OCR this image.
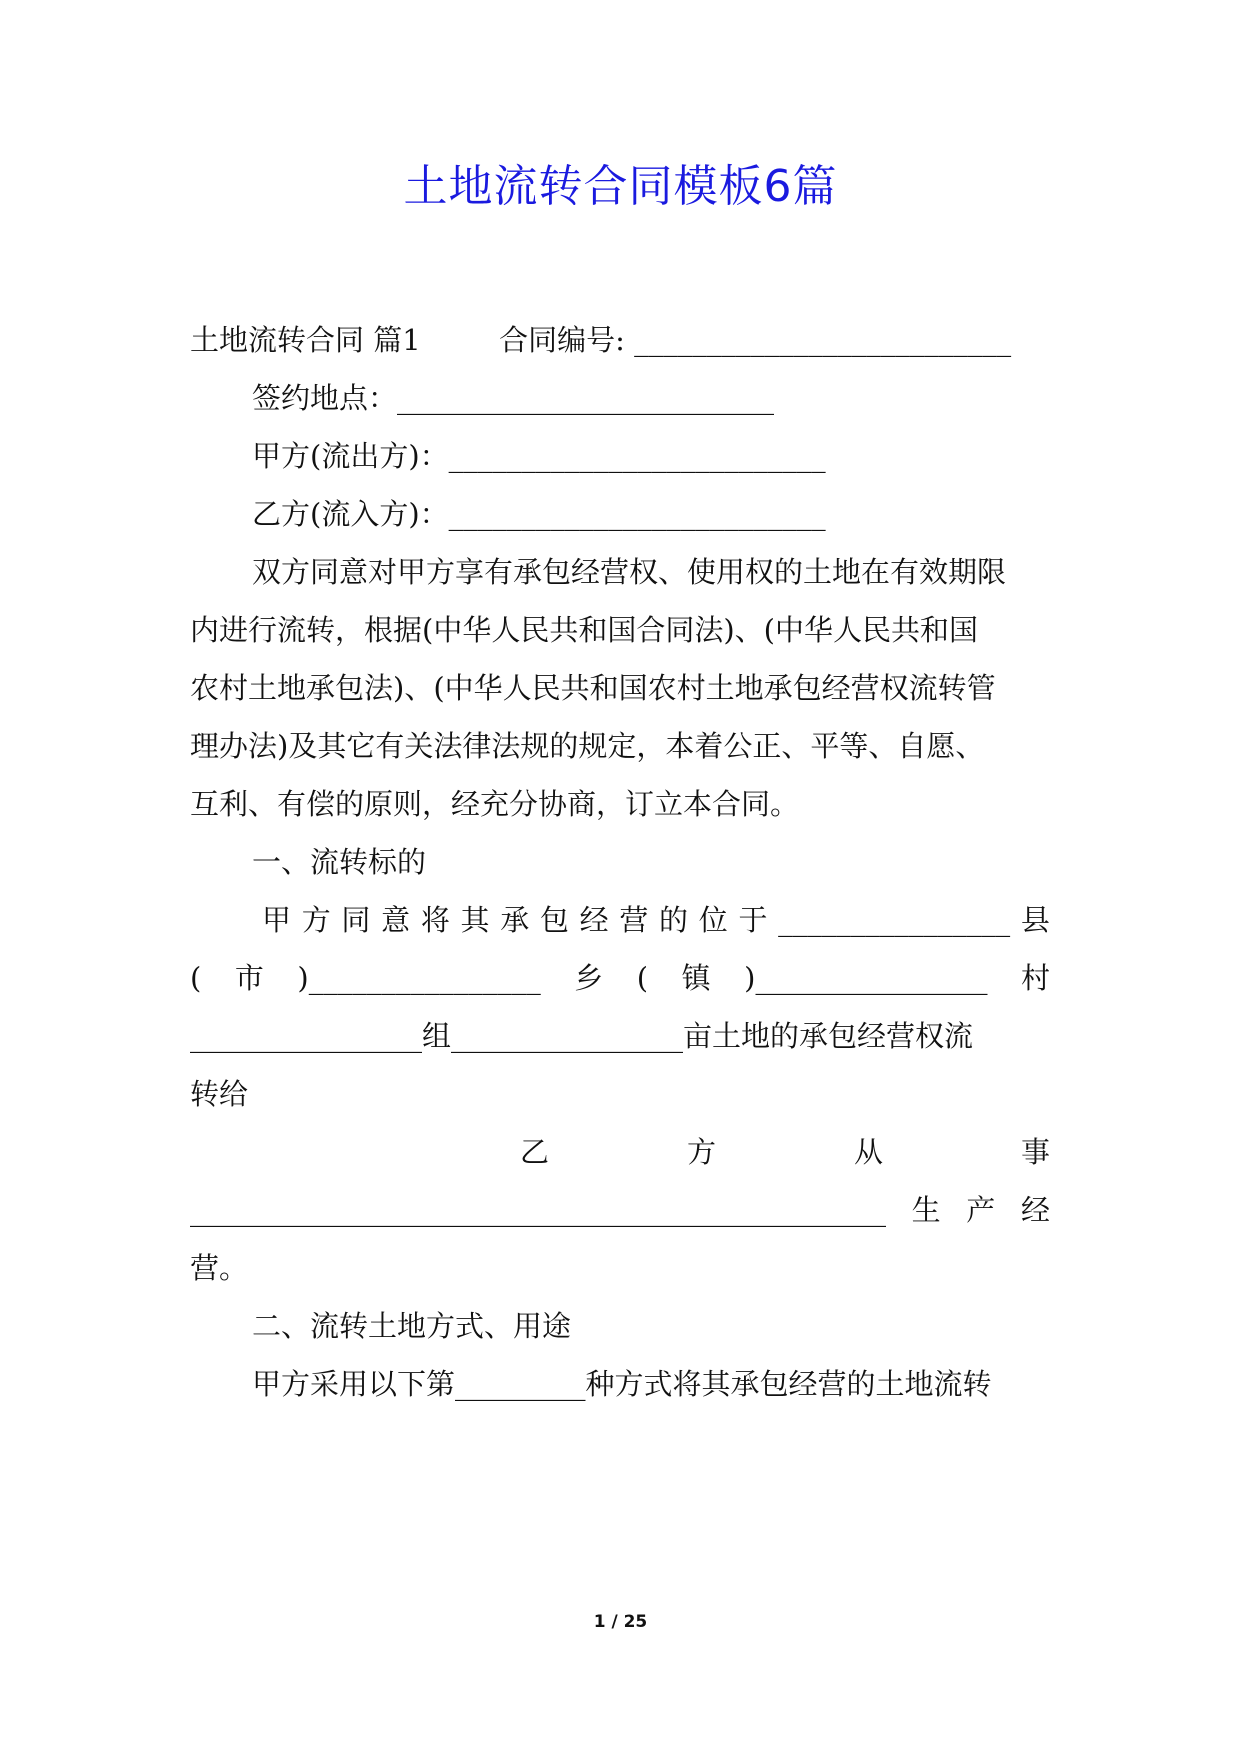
土地流转合同模板6篇
土地流转合同 篇1	合同编号: __________________________
签约地点：__________________________
甲方(流出方)：__________________________
乙方(流入方)：__________________________
双方同意对甲方享有承包经营权、使用权的土地在有效期限
内进行流转，根据(中华人民共和国合同法)、(中华人民共和国
农村土地承包法)、(中华人民共和国农村土地承包经营权流转管
理办法)及其它有关法律法规的规定，本着公正、平等、自愿、
互利、有偿的原则，经充分协商，订立本合同。
一、流转标的
甲 方 同 意 将 其 承 包 经 营 的 位 于 ________________ 县
( 市 )________________ 乡 ( 镇 )________________ 村
________________组________________亩土地的承包经营权流
转给
乙	方	从	事
________________________________________________ 生 产 经
营。
二、流转土地方式、用途
甲方采用以下第_________种方式将其承包经营的土地流转
1 / 25
